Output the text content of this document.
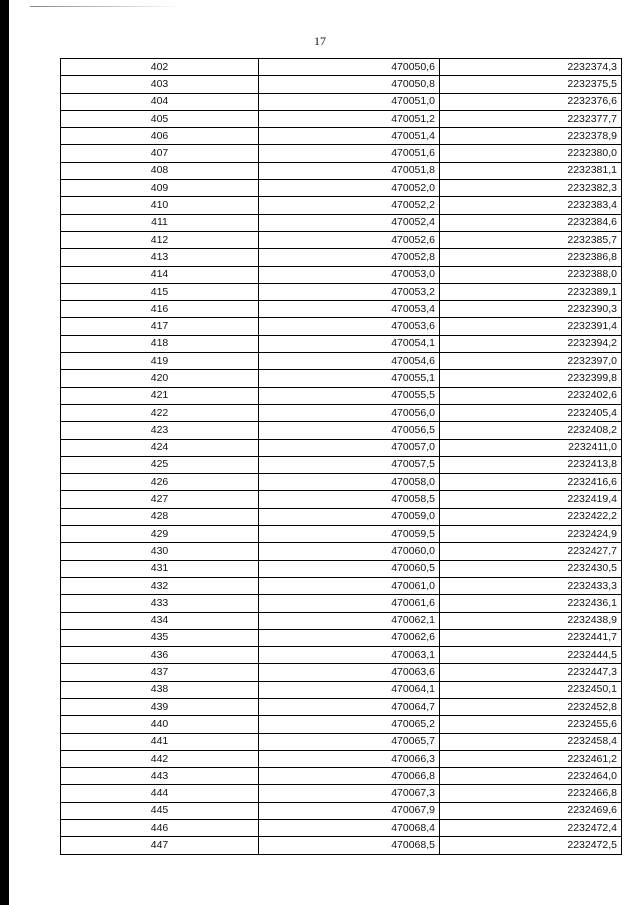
17
402	470050,6	2232374,3
403	470050,8	2232375,5
404	470051,0	2232376,6
405	470051,2	2232377,7
406	470051,4	2232378,9
407	470051,6	2232380,0
408	470051,8	2232381,1
409	470052,0	2232382,3
410	470052,2	2232383,4
411	470052,4	2232384,6
412	470052,6	2232385,7
413	470052,8	2232386,8
414	470053,0	2232388,0
415	470053,2	2232389,1
416	470053,4	2232390,3
417	470053,6	2232391,4
418	470054,1	2232394,2
419	470054,6	2232397,0
420	470055,1	2232399,8
421	470055,5	2232402,6
422	470056,0	2232405,4
423	470056,5	2232408,2
424	470057,0	2232411,0
425	470057,5	2232413,8
426	470058,0	2232416,6
427	470058,5	2232419,4
428	470059,0	2232422,2
429	470059,5	2232424,9
430	470060,0	2232427,7
431	470060,5	2232430,5
432	470061,0	2232433,3
433	470061,6	2232436,1
434	470062,1	2232438,9
435	470062,6	2232441,7
436	470063,1	2232444,5
437	470063,6	2232447,3
438	470064,1	2232450,1
439	470064,7	2232452,8
440	470065,2	2232455,6
441	470065,7	2232458,4
442	470066,3	2232461,2
443	470066,8	2232464,0
444	470067,3	2232466,8
445	470067,9	2232469,6
446	470068,4	2232472,4
447	470068,5	2232472,5
